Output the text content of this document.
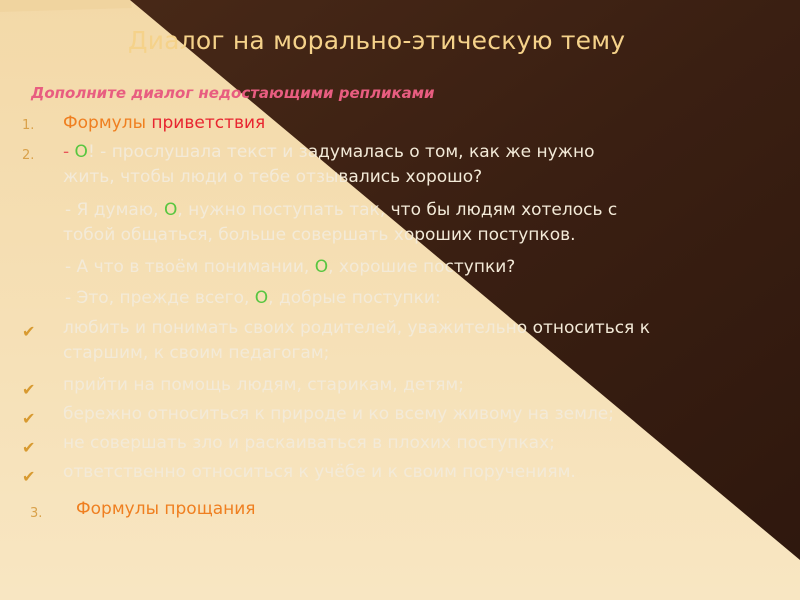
Диалог на морально-этическую тему
Дополните диалог недостающими репликами
1. Формулы приветствия
2. - О! - прослушала текст и задумалась о том, как же нужно
жить, чтобы люди о тебе отзывались хорошо?
- Я думаю, О, нужно поступать так, что бы людям хотелось с
тобой общаться, больше совершать хороших поступков.
- А что в твоём понимании, О, хорошие поступки?
- Это, прежде всего, О, добрые поступки:
✔ любить и понимать своих родителей, уважительно относиться к
старшим, к своим педагогам;
✔ прийти на помощь людям, старикам, детям;
✔ бережно относиться к природе и ко всему живому на земле;
✔ не совершать зло и раскаиваться в плохих поступках;
✔ ответственно относиться к учёбе и к своим поручениям.
3. Формулы прощания
